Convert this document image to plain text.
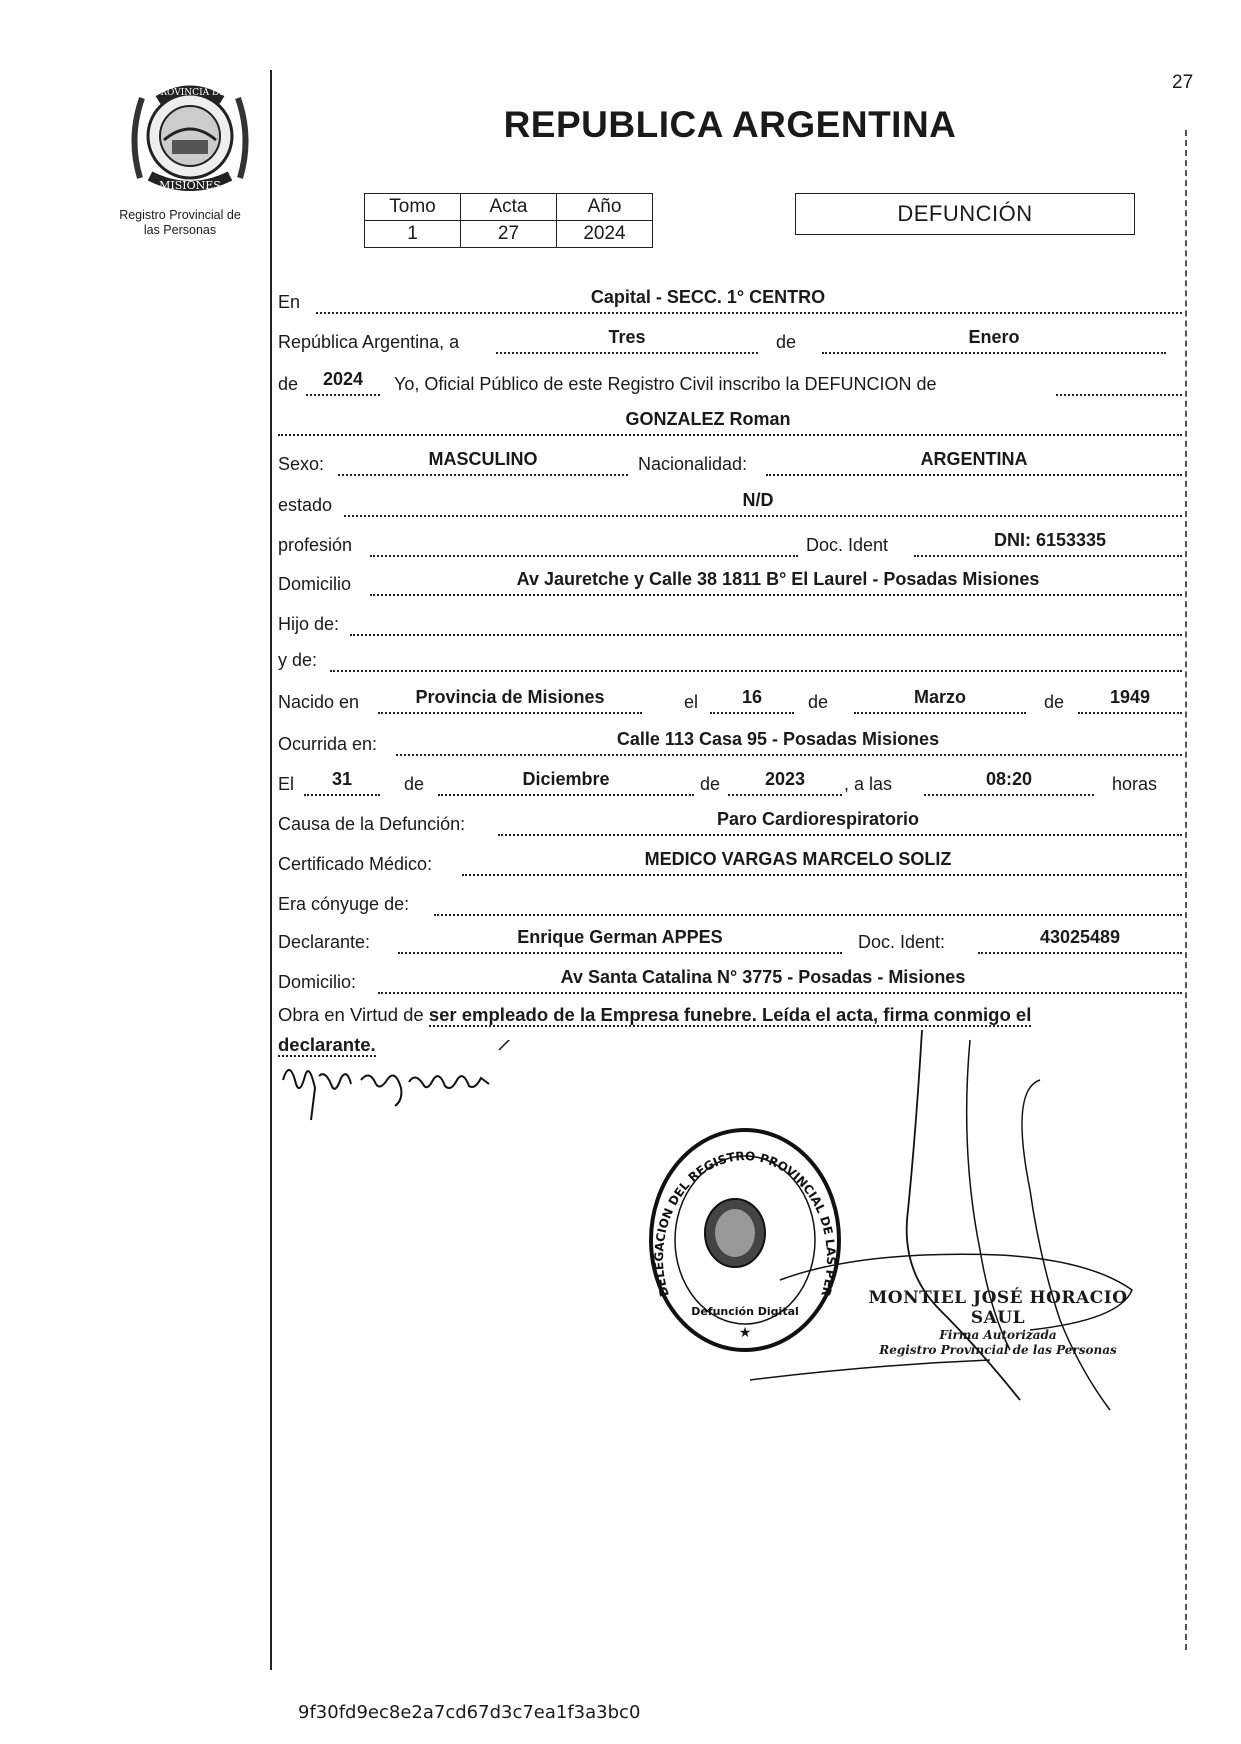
27
MISIONES
PROVINCIA DE
Registro Provincial de
las Personas
REPUBLICA ARGENTINA
Tomo	Acta	Año
1	27	2024
DEFUNCIÓN
En	Capital - SECC. 1° CENTRO
República Argentina, a	Tres	de	Enero
de	2024	Yo, Oficial Público de este Registro Civil inscribo la DEFUNCION de
GONZALEZ Roman
Sexo:	MASCULINO	Nacionalidad:	ARGENTINA
estado	N/D
profesión	Doc. Ident	DNI: 6153335
Domicilio	Av Jauretche y Calle 38 1811 B° El Laurel - Posadas Misiones
Hijo de:
y de:
Nacido en	Provincia de Misiones	el	16	de	Marzo	de	1949
Ocurrida en:	Calle 113 Casa 95 - Posadas Misiones
El	31	de	Diciembre	de	2023	, a las	08:20	horas
Causa de la Defunción:	Paro Cardiorespiratorio
Certificado Médico:	MEDICO VARGAS MARCELO SOLIZ
Era cónyuge de:
Declarante:	Enrique German APPES	Doc. Ident:	43025489
Domicilio:	Av Santa Catalina N° 3775 - Posadas - Misiones
Obra en Virtud de ser empleado de la Empresa funebre. Leída el acta, firma conmigo el
declarante.
DELEGACION DEL REGISTRO PROVINCIAL DE LAS PER
Defunción Digital
★
MONTIEL JOSÉ HORACIO SAUL
Firma Autorizada
Registro Provincial de las Personas
9f30fd9ec8e2a7cd67d3c7ea1f3a3bc0
